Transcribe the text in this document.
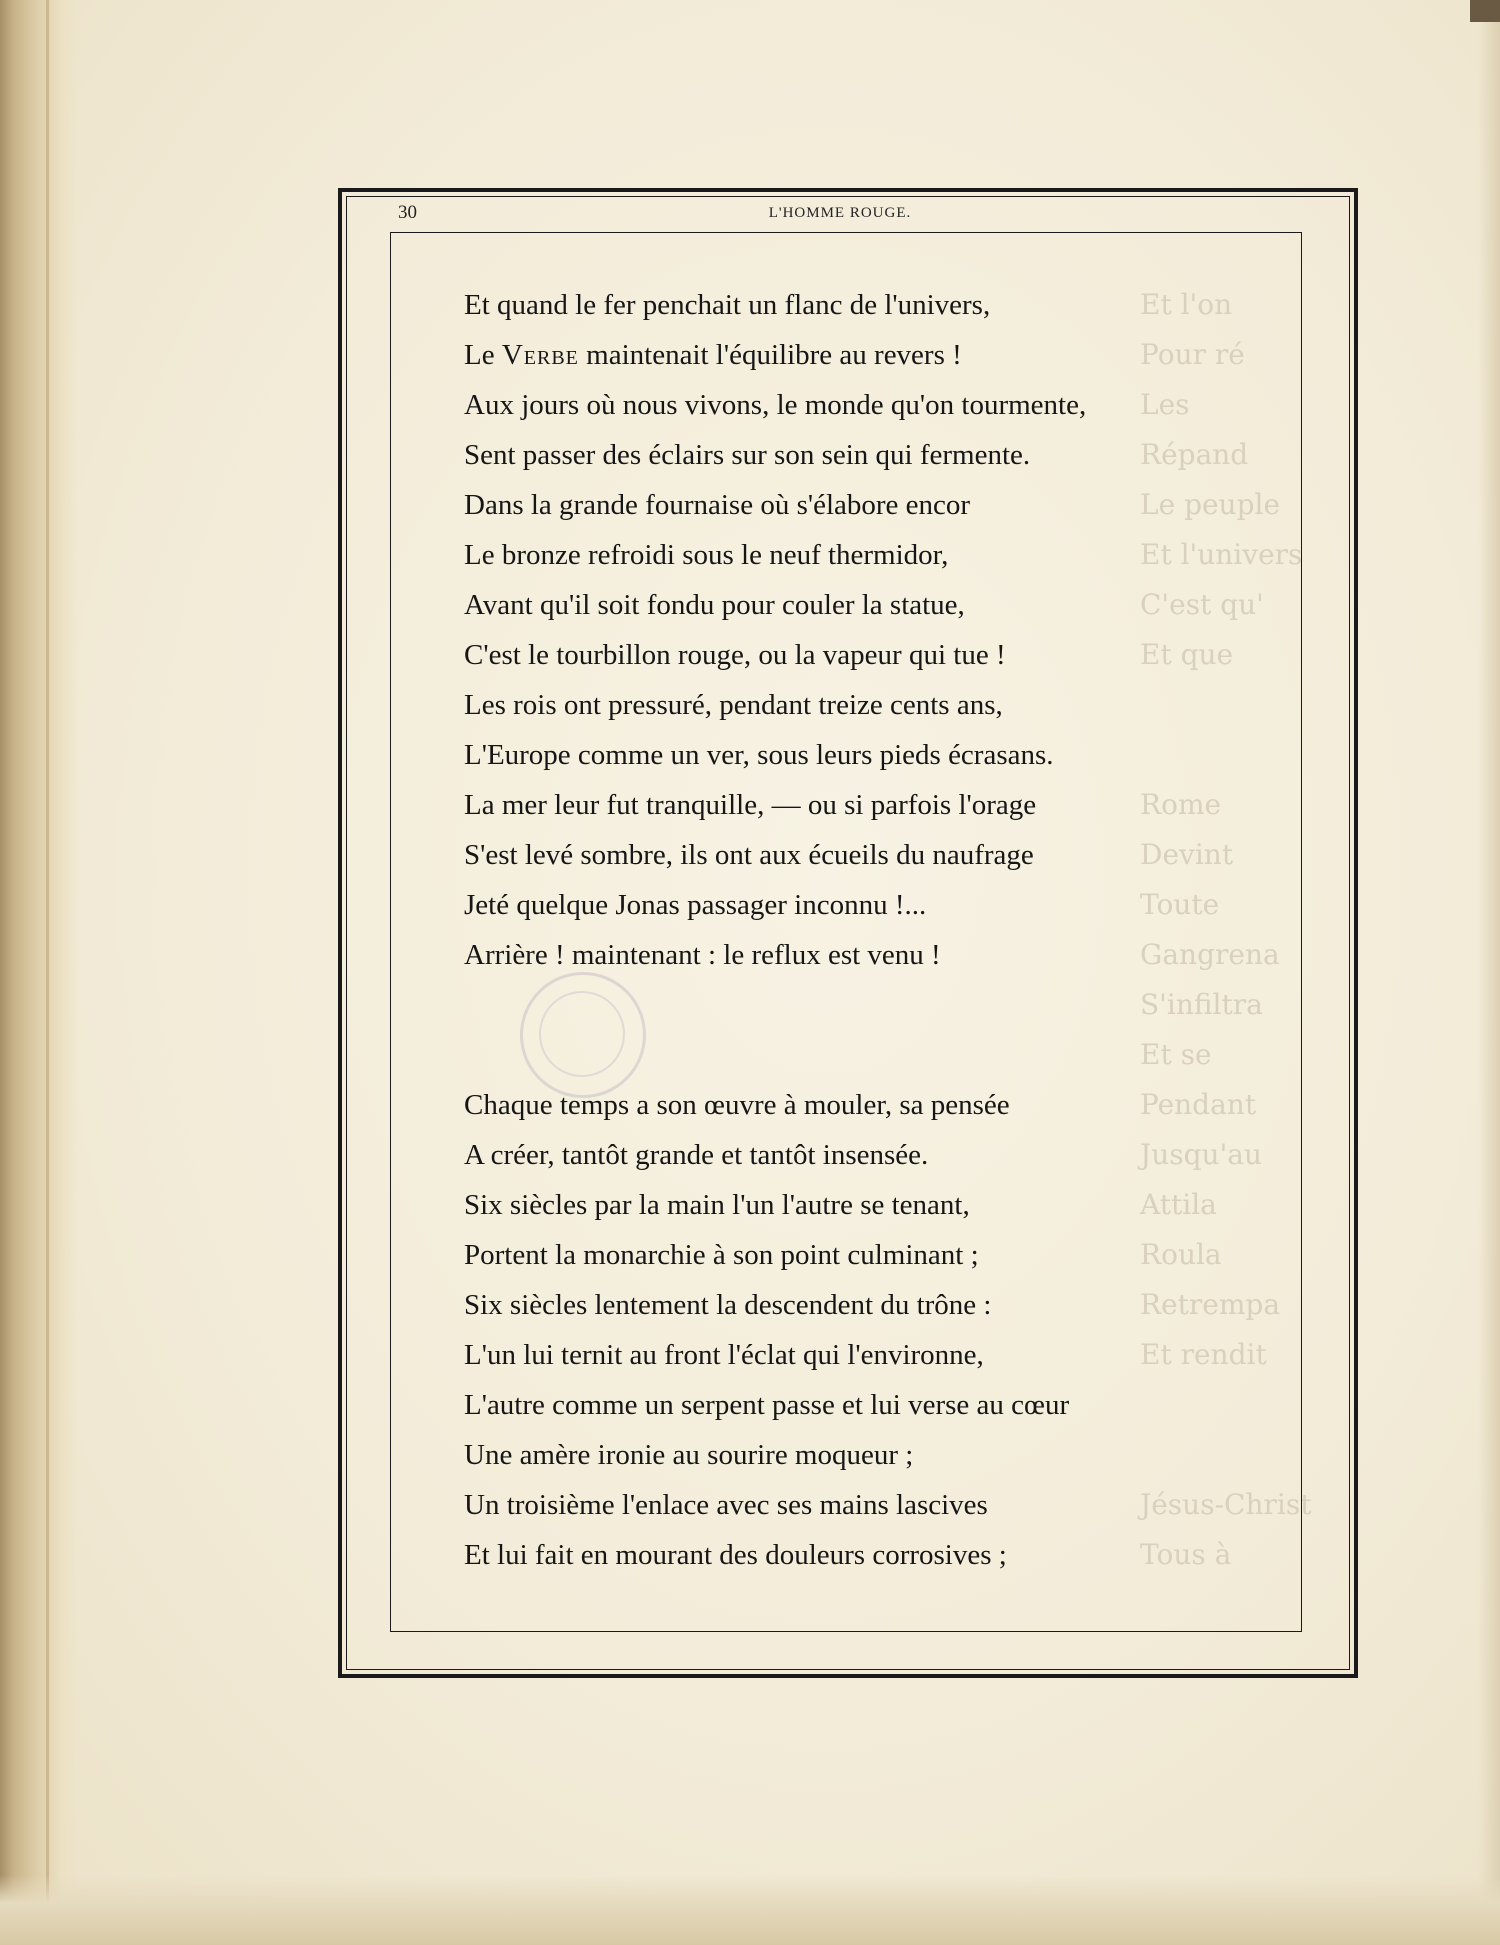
Et l'on
Pour ré
Les
Répand
Le peuple
Et l'univers
C'est qu'
Et que
Rome
Devint
Toute
Gangrena
S'infiltra
Et se
Pendant
Jusqu'au
Attila
Roula
Retrempa
Et rendit
Jésus-Christ
Tous à
30	L'HOMME ROUGE.
Et quand le fer penchait un flanc de l'univers,
Le Verbe maintenait l'équilibre au revers !
Aux jours où nous vivons, le monde qu'on tourmente,
Sent passer des éclairs sur son sein qui fermente.
Dans la grande fournaise où s'élabore encor
Le bronze refroidi sous le neuf thermidor,
Avant qu'il soit fondu pour couler la statue,
C'est le tourbillon rouge, ou la vapeur qui tue !
Les rois ont pressuré, pendant treize cents ans,
L'Europe comme un ver, sous leurs pieds écrasans.
La mer leur fut tranquille, — ou si parfois l'orage
S'est levé sombre, ils ont aux écueils du naufrage
Jeté quelque Jonas passager inconnu !...
Arrière ! maintenant : le reflux est venu !
Chaque temps a son œuvre à mouler, sa pensée
A créer, tantôt grande et tantôt insensée.
Six siècles par la main l'un l'autre se tenant,
Portent la monarchie à son point culminant ;
Six siècles lentement la descendent du trône :
L'un lui ternit au front l'éclat qui l'environne,
L'autre comme un serpent passe et lui verse au cœur
Une amère ironie au sourire moqueur ;
Un troisième l'enlace avec ses mains lascives
Et lui fait en mourant des douleurs corrosives ;
